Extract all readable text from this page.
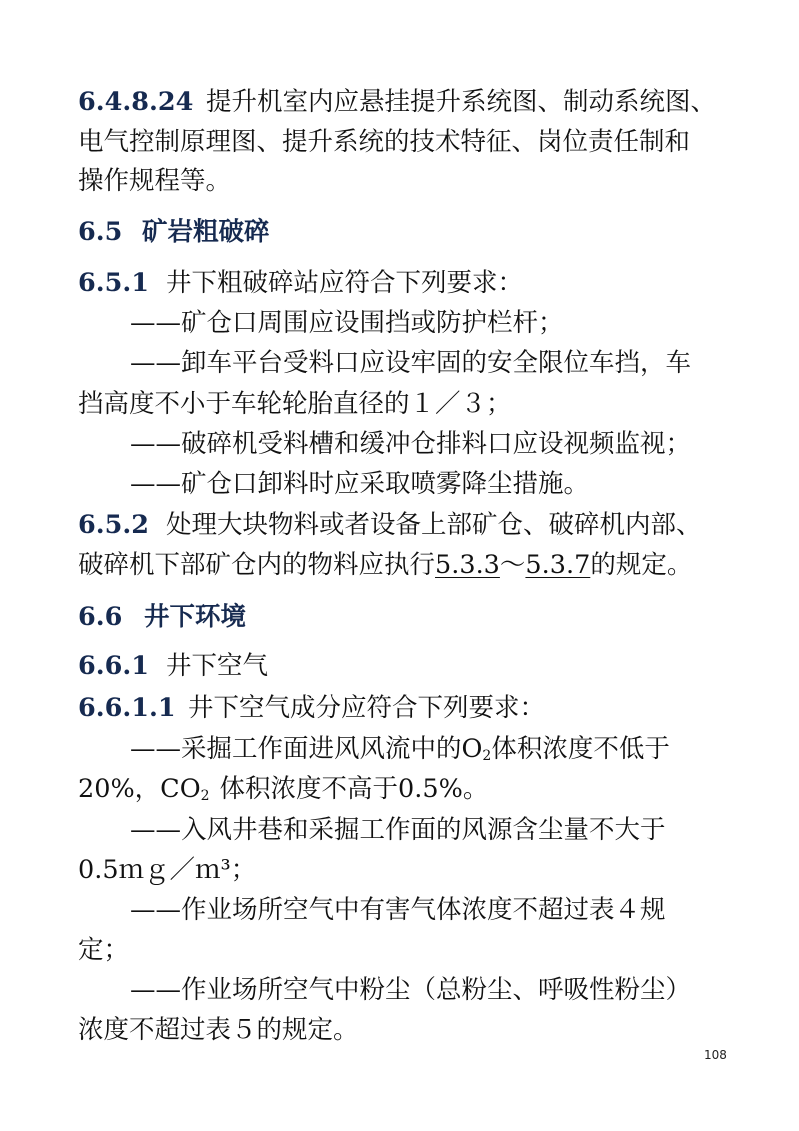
6.4.8.24 提升机室内应悬挂提升系统图、制动系统图、
电气控制原理图、提升系统的技术特征、岗位责任制和
操作规程等。
6.5 矿岩粗破碎
6.5.1 井下粗破碎站应符合下列要求：
——矿仓口周围应设围挡或防护栏杆；
——卸车平台受料口应设牢固的安全限位车挡，车
挡高度不小于车轮轮胎直径的１／３；
——破碎机受料槽和缓冲仓排料口应设视频监视；
——矿仓口卸料时应采取喷雾降尘措施。
6.5.2 处理大块物料或者设备上部矿仓、破碎机内部、
破碎机下部矿仓内的物料应执行5.3.3～5.3.7的规定。
6.6 井下环境
6.6.1 井下空气
6.6.1.1 井下空气成分应符合下列要求：
——采掘工作面进风风流中的$O_2$体积浓度不低于
20%，$CO_2$ 体积浓度不高于0.5%。
——入风井巷和采掘工作面的风源含尘量不大于
0.5ｍｇ／ｍ³；
——作业场所空气中有害气体浓度不超过表４规
定；
——作业场所空气中粉尘（总粉尘、呼吸性粉尘）
浓度不超过表５的规定。
108
